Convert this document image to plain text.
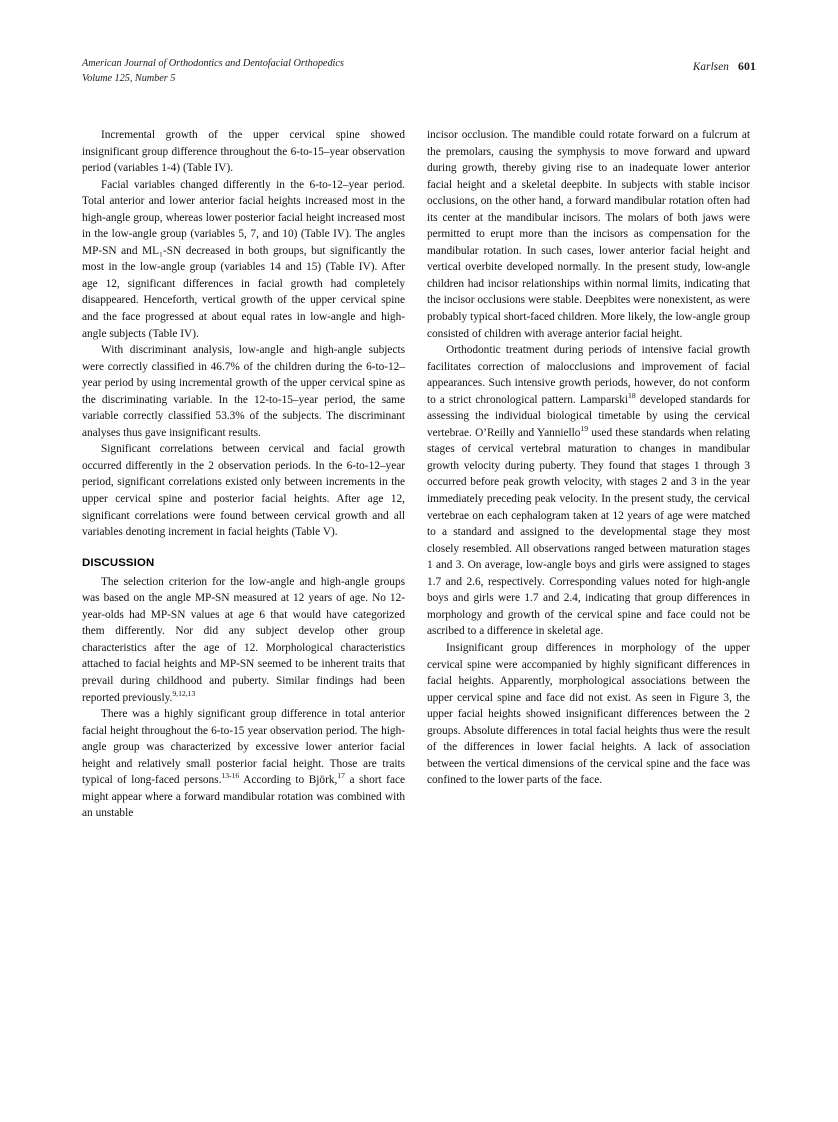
American Journal of Orthodontics and Dentofacial Orthopedics
Volume 125, Number 5
Karlsen 601

Incremental growth of the upper cervical spine showed insignificant group difference throughout the 6-to-15–year observation period (variables 1-4) (Table IV).

Facial variables changed differently in the 6-to-12–year period. Total anterior and lower anterior facial heights increased most in the high-angle group, whereas lower posterior facial height increased most in the low-angle group (variables 5, 7, and 10) (Table IV). The angles MP-SN and ML₁-SN decreased in both groups, but significantly the most in the low-angle group (variables 14 and 15) (Table IV). After age 12, significant differences in facial growth had completely disappeared. Henceforth, vertical growth of the upper cervical spine and the face progressed at about equal rates in low-angle and high-angle subjects (Table IV).

With discriminant analysis, low-angle and high-angle subjects were correctly classified in 46.7% of the children during the 6-to-12–year period by using incremental growth of the upper cervical spine as the discriminating variable. In the 12-to-15–year period, the same variable correctly classified 53.3% of the subjects. The discriminant analyses thus gave insignificant results.

Significant correlations between cervical and facial growth occurred differently in the 2 observation periods. In the 6-to-12–year period, significant correlations existed only between increments in the upper cervical spine and posterior facial heights. After age 12, significant correlations were found between cervical growth and all variables denoting increment in facial heights (Table V).

DISCUSSION

The selection criterion for the low-angle and high-angle groups was based on the angle MP-SN measured at 12 years of age. No 12-year-olds had MP-SN values at age 6 that would have categorized them differently. Nor did any subject develop other group characteristics after the age of 12. Morphological characteristics attached to facial heights and MP-SN seemed to be inherent traits that prevail during childhood and puberty. Similar findings had been reported previously.$^{9,12,13}$

There was a highly significant group difference in total anterior facial height throughout the 6-to-15 year observation period. The high-angle group was characterized by excessive lower anterior facial height and relatively small posterior facial height. Those are traits typical of long-faced persons.$^{13-16}$ According to Björk,$^{17}$ a short face might appear where a forward mandibular rotation was combined with an unstable

incisor occlusion. The mandible could rotate forward on a fulcrum at the premolars, causing the symphysis to move forward and upward during growth, thereby giving rise to an inadequate lower anterior facial height and a skeletal deepbite. In subjects with stable incisor occlusions, on the other hand, a forward mandibular rotation often had its center at the mandibular incisors. The molars of both jaws were permitted to erupt more than the incisors as compensation for the mandibular rotation. In such cases, lower anterior facial height and vertical overbite developed normally. In the present study, low-angle children had incisor relationships within normal limits, indicating that the incisor occlusions were stable. Deepbites were nonexistent, as were probably typical short-faced children. More likely, the low-angle group consisted of children with average anterior facial height.

Orthodontic treatment during periods of intensive facial growth facilitates correction of malocclusions and improvement of facial appearances. Such intensive growth periods, however, do not conform to a strict chronological pattern. Lamparski$^{18}$ developed standards for assessing the individual biological timetable by using the cervical vertebrae. O’Reilly and Yanniello$^{19}$ used these standards when relating stages of cervical vertebral maturation to changes in mandibular growth velocity during puberty. They found that stages 1 through 3 occurred before peak growth velocity, with stages 2 and 3 in the year immediately preceding peak velocity. In the present study, the cervical vertebrae on each cephalogram taken at 12 years of age were matched to a standard and assigned to the developmental stage they most closely resembled. All observations ranged between maturation stages 1 and 3. On average, low-angle boys and girls were assigned to stages 1.7 and 2.6, respectively. Corresponding values noted for high-angle boys and girls were 1.7 and 2.4, indicating that group differences in morphology and growth of the cervical spine and face could not be ascribed to a difference in skeletal age.

Insignificant group differences in morphology of the upper cervical spine were accompanied by highly significant differences in facial heights. Apparently, morphological associations between the upper cervical spine and face did not exist. As seen in Figure 3, the upper facial heights showed insignificant differences between the 2 groups. Absolute differences in total facial heights thus were the result of the differences in lower facial heights. A lack of association between the vertical dimensions of the cervical spine and the face was confined to the lower parts of the face.
